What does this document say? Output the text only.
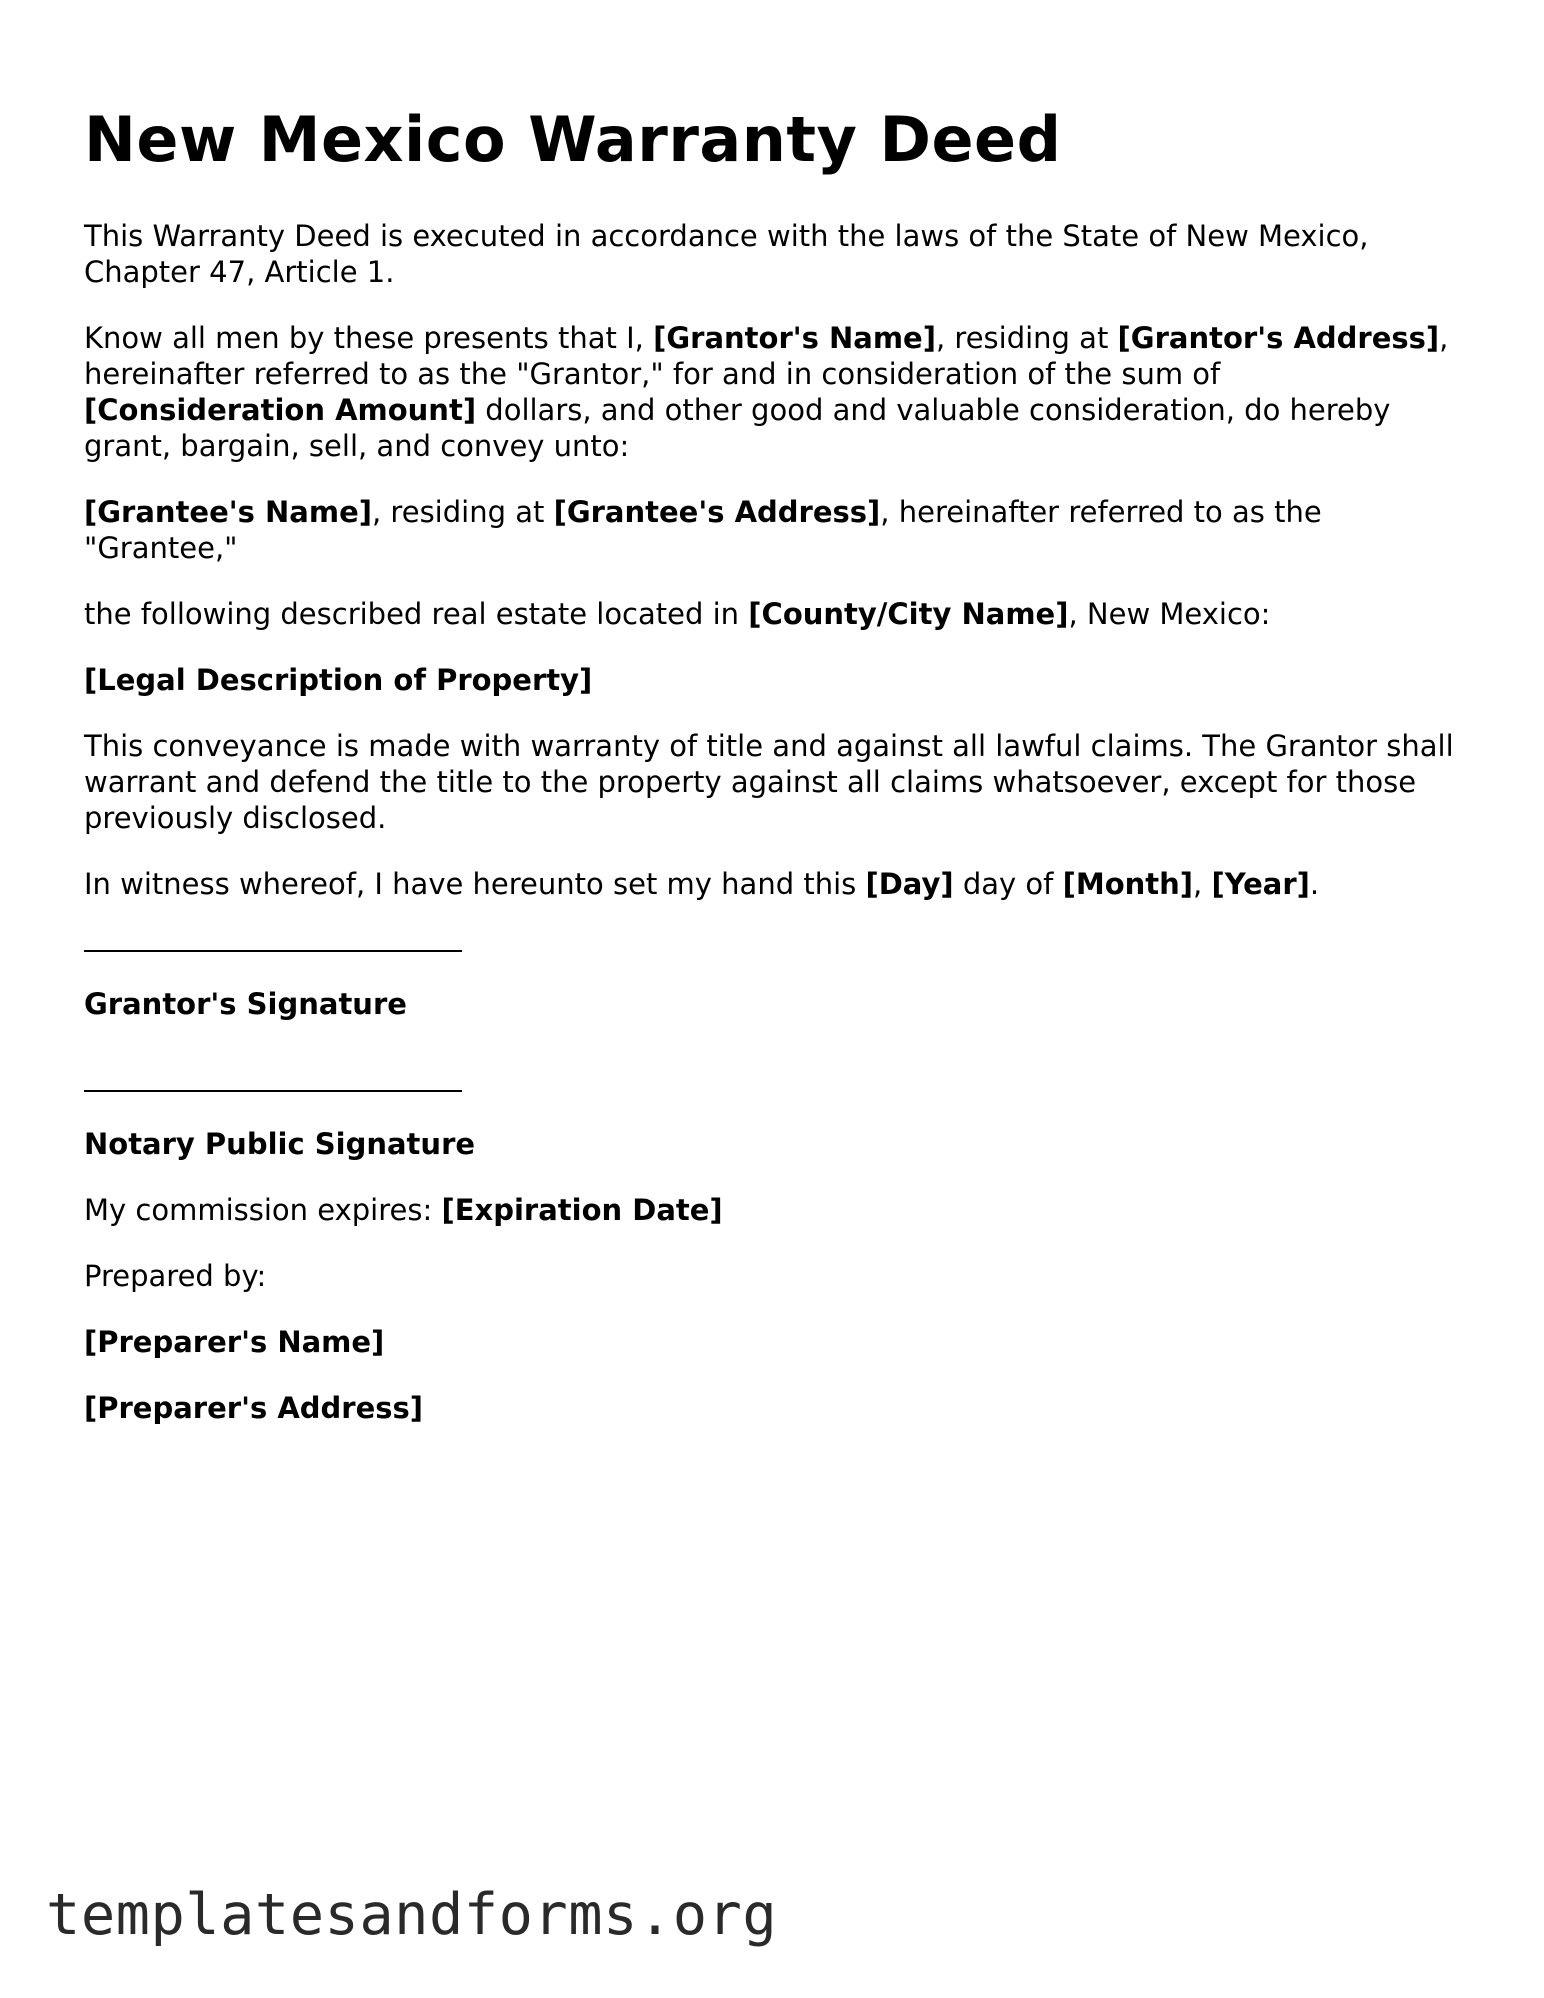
New Mexico Warranty Deed

This Warranty Deed is executed in accordance with the laws of the State of New Mexico, Chapter 47, Article 1.

Know all men by these presents that I, [Grantor's Name], residing at [Grantor's Address], hereinafter referred to as the "Grantor," for and in consideration of the sum of [Consideration Amount] dollars, and other good and valuable consideration, do hereby grant, bargain, sell, and convey unto:

[Grantee's Name], residing at [Grantee's Address], hereinafter referred to as the "Grantee,"

the following described real estate located in [County/City Name], New Mexico:

[Legal Description of Property]

This conveyance is made with warranty of title and against all lawful claims. The Grantor shall warrant and defend the title to the property against all claims whatsoever, except for those previously disclosed.

In witness whereof, I have hereunto set my hand this [Day] day of [Month], [Year].

Grantor's Signature

Notary Public Signature

My commission expires: [Expiration Date]

Prepared by:

[Preparer's Name]

[Preparer's Address]

templatesandforms.org
